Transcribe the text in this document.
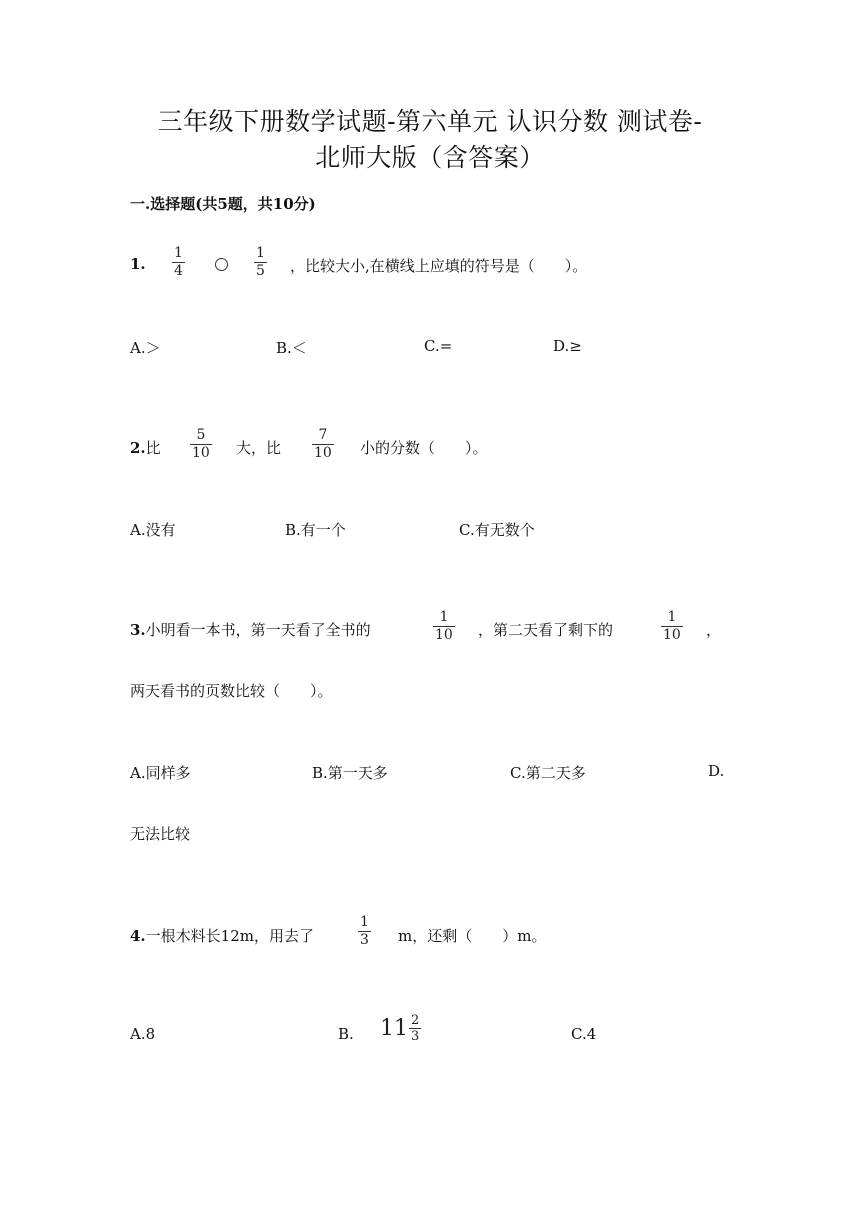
三年级下册数学试题-第六单元 认识分数 测试卷-
北师大版（含答案）
一.选择题(共5题，共10分)
1.
1
4
1
5 ，比较大小,在横线上应填的符号是（　　）。
A.＞	B.＜	C.=	D.≥
2.比
5
10 大，比
7
10 小的分数（　　）。
A.没有	B.有一个	C.有无数个
3.小明看一本书，第一天看了全书的
1
10 ，第二天看了剩下的
1
10 ，
两天看书的页数比较（　　）。
A.同样多	B.第一天多	C.第二天多	D.
无法比较
4.一根木料长12m，用去了
1
3 m，还剩（　　）m。
A.8	B. $11 \frac{2}{3}$	C.4
